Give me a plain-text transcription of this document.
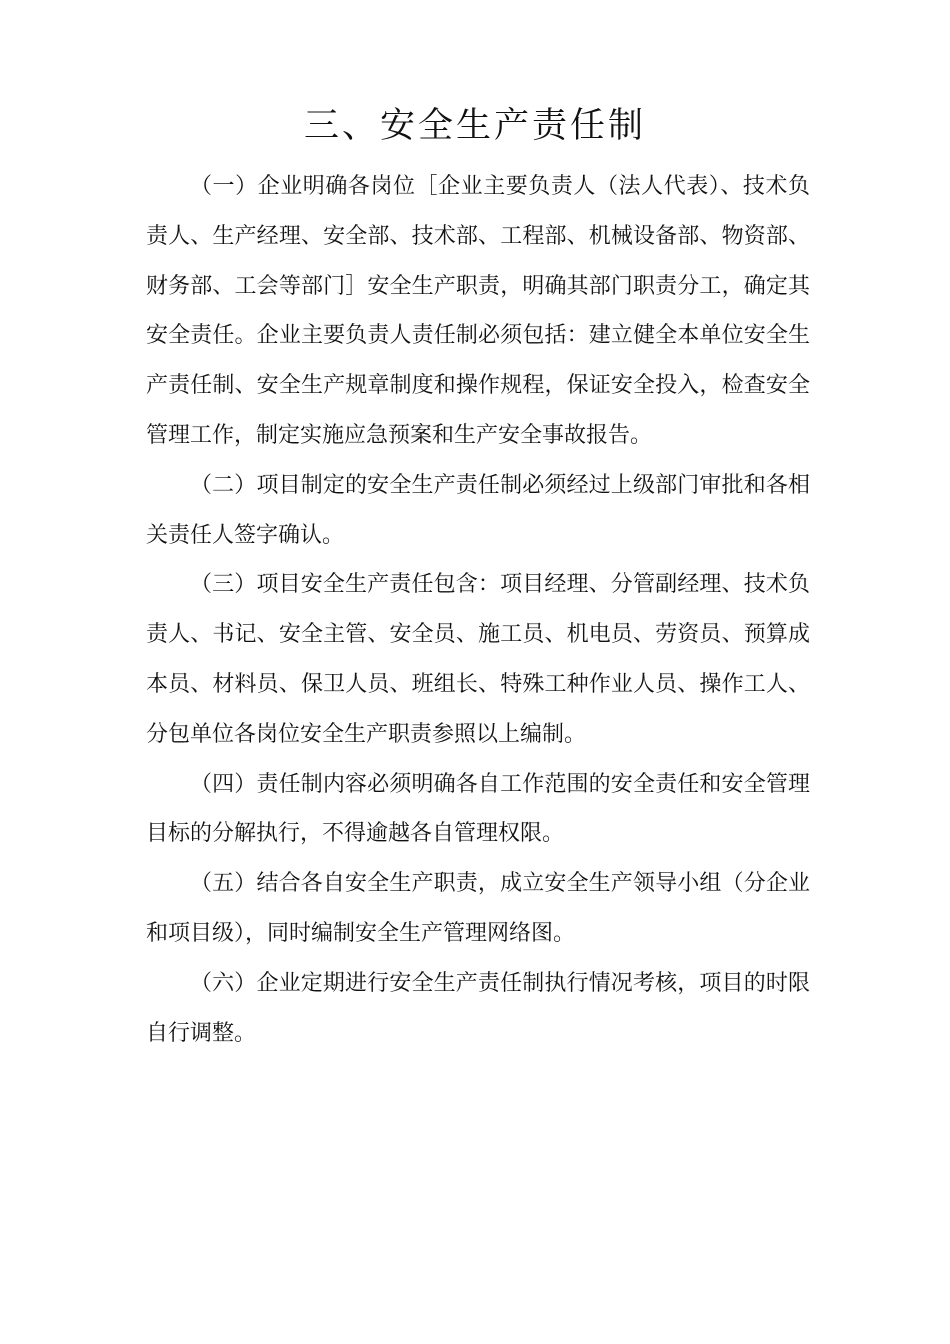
三、安全生产责任制

（一）企业明确各岗位［企业主要负责人（法人代表）、技术负责人、生产经理、安全部、技术部、工程部、机械设备部、物资部、财务部、工会等部门］安全生产职责，明确其部门职责分工，确定其安全责任。企业主要负责人责任制必须包括：建立健全本单位安全生产责任制、安全生产规章制度和操作规程，保证安全投入，检查安全管理工作，制定实施应急预案和生产安全事故报告。

（二）项目制定的安全生产责任制必须经过上级部门审批和各相关责任人签字确认。

（三）项目安全生产责任包含：项目经理、分管副经理、技术负责人、书记、安全主管、安全员、施工员、机电员、劳资员、预算成本员、材料员、保卫人员、班组长、特殊工种作业人员、操作工人、分包单位各岗位安全生产职责参照以上编制。

（四）责任制内容必须明确各自工作范围的安全责任和安全管理目标的分解执行，不得逾越各自管理权限。

（五）结合各自安全生产职责，成立安全生产领导小组（分企业和项目级），同时编制安全生产管理网络图。

（六）企业定期进行安全生产责任制执行情况考核，项目的时限自行调整。
